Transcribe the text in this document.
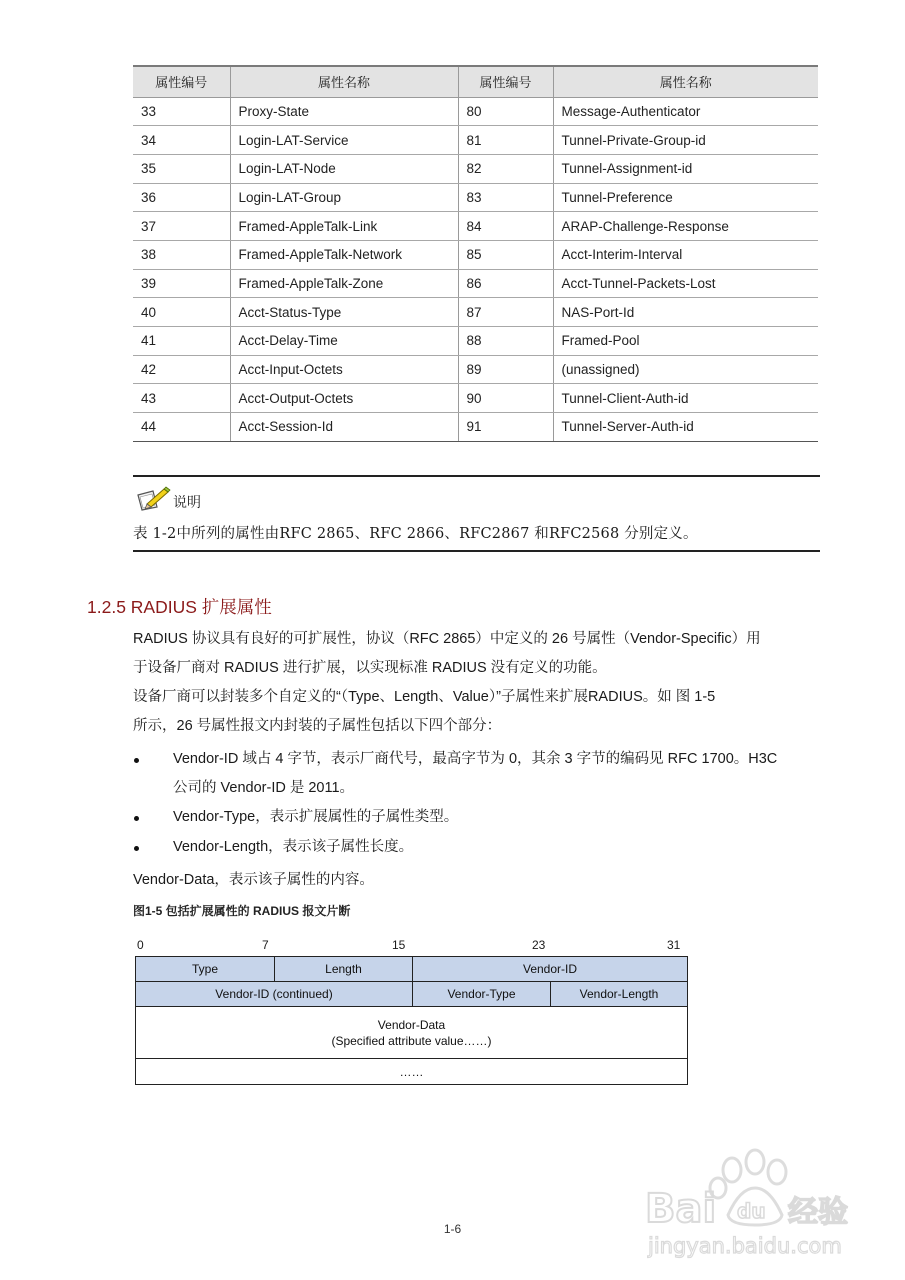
属性编号	属性名称	属性编号	属性名称
33	Proxy-State	80	Message-Authenticator
34	Login-LAT-Service	81	Tunnel-Private-Group-id
35	Login-LAT-Node	82	Tunnel-Assignment-id
36	Login-LAT-Group	83	Tunnel-Preference
37	Framed-AppleTalk-Link	84	ARAP-Challenge-Response
38	Framed-AppleTalk-Network	85	Acct-Interim-Interval
39	Framed-AppleTalk-Zone	86	Acct-Tunnel-Packets-Lost
40	Acct-Status-Type	87	NAS-Port-Id
41	Acct-Delay-Time	88	Framed-Pool
42	Acct-Input-Octets	89	(unassigned)
43	Acct-Output-Octets	90	Tunnel-Client-Auth-id
44	Acct-Session-Id	91	Tunnel-Server-Auth-id
说明
表 1-2中所列的属性由RFC 2865、RFC 2866、RFC2867 和RFC2568 分别定义。
1.2.5 RADIUS 扩展属性
RADIUS 协议具有良好的可扩展性，协议（RFC 2865）中定义的 26 号属性（Vendor-Specific）用
于设备厂商对 RADIUS 进行扩展，以实现标准 RADIUS 没有定义的功能。
设备厂商可以封装多个自定义的“（Type、Length、Value）”子属性来扩展RADIUS。如 图 1-5
所示，26 号属性报文内封装的子属性包括以下四个部分：
Vendor-ID 域占 4 字节，表示厂商代号，最高字节为 0，其余 3 字节的编码见 RFC 1700。H3C
公司的 Vendor-ID 是 2011。
Vendor-Type，表示扩展属性的子属性类型。
Vendor-Length，表示该子属性长度。
Vendor-Data，表示该子属性的内容。
图1-5 包括扩展属性的 RADIUS 报文片断
0	7	15	23	31
Type	Length	Vendor-ID
Vendor-ID (continued)	Vendor-Type	Vendor-Length
Vendor-Data
(Specified attribute value……)
……
Bai du 经验
jingyan.baidu.com
1-6
